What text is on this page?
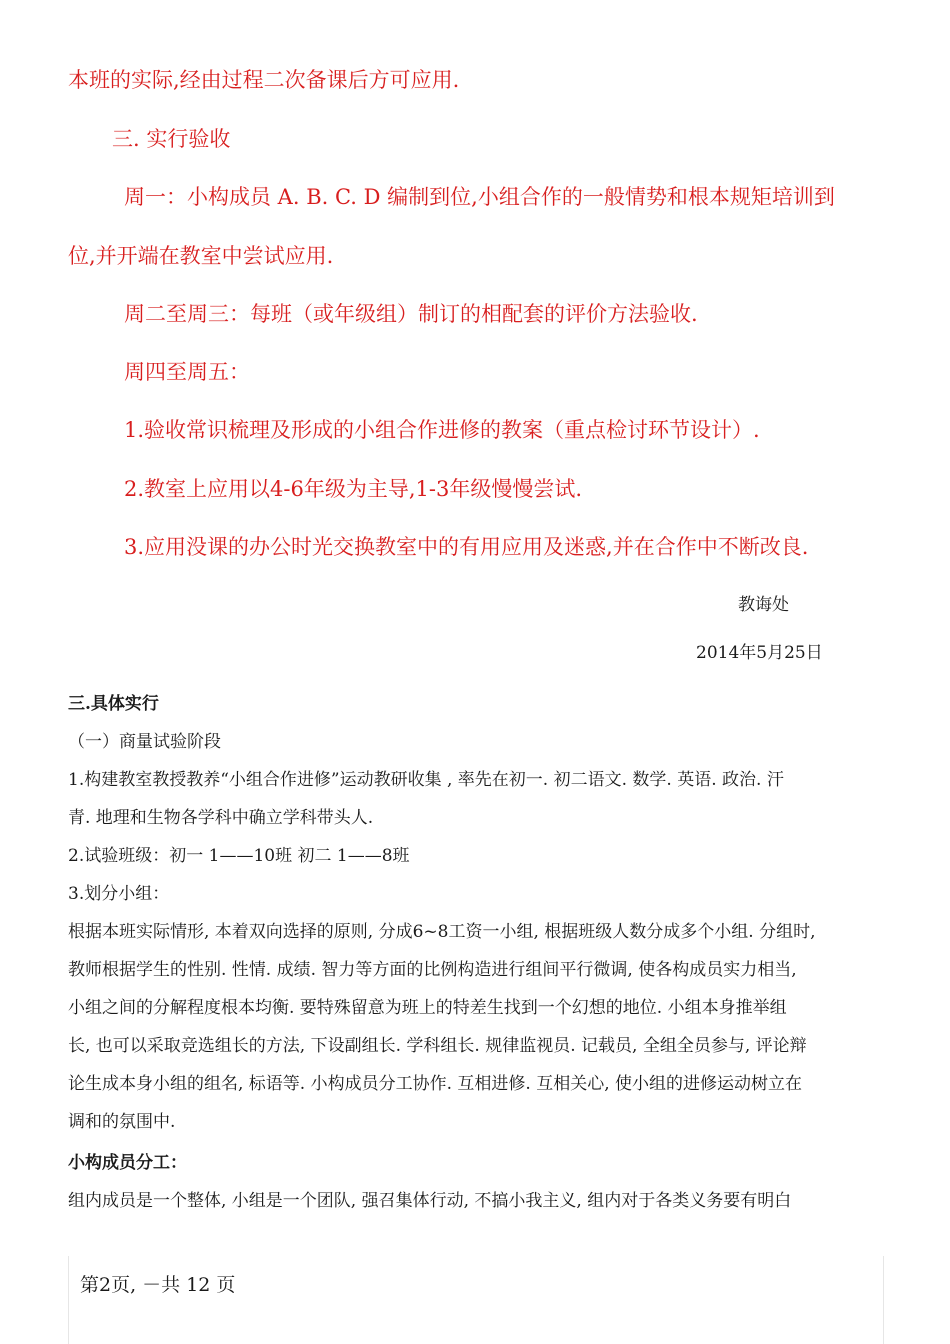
本班的实际,经由过程二次备课后方可应用.
三. 实行验收
周一：小构成员 A. B. C. D 编制到位,小组合作的一般情势和根本规矩培训到
位,并开端在教室中尝试应用.
周二至周三：每班（或年级组）制订的相配套的评价方法验收.
周四至周五：
1.验收常识梳理及形成的小组合作进修的教案（重点检讨环节设计）.
2.教室上应用以4-6年级为主导,1-3年级慢慢尝试.
3.应用没课的办公时光交换教室中的有用应用及迷惑,并在合作中不断改良.
教诲处
2014年5月25日
三.具体实行
（一）商量试验阶段
1.构建教室教授教养“小组合作进修”运动教研收集 , 率先在初一. 初二语文. 数学. 英语. 政治. 汗
青. 地理和生物各学科中确立学科带头人.
2.试验班级：初一 1——10班 初二 1——8班
3.划分小组：
根据本班实际情形, 本着双向选择的原则, 分成6~8工资一小组, 根据班级人数分成多个小组. 分组时,
教师根据学生的性别. 性情. 成绩. 智力等方面的比例构造进行组间平行微调, 使各构成员实力相当,
小组之间的分解程度根本均衡. 要特殊留意为班上的特差生找到一个幻想的地位. 小组本身推举组
长, 也可以采取竞选组长的方法, 下设副组长. 学科组长. 规律监视员. 记载员, 全组全员参与, 评论辩
论生成本身小组的组名, 标语等. 小构成员分工协作. 互相进修. 互相关心, 使小组的进修运动树立在
调和的氛围中.
小构成员分工：
组内成员是一个整体, 小组是一个团队, 强召集体行动, 不搞小我主义, 组内对于各类义务要有明白
第2页, －共 12 页
